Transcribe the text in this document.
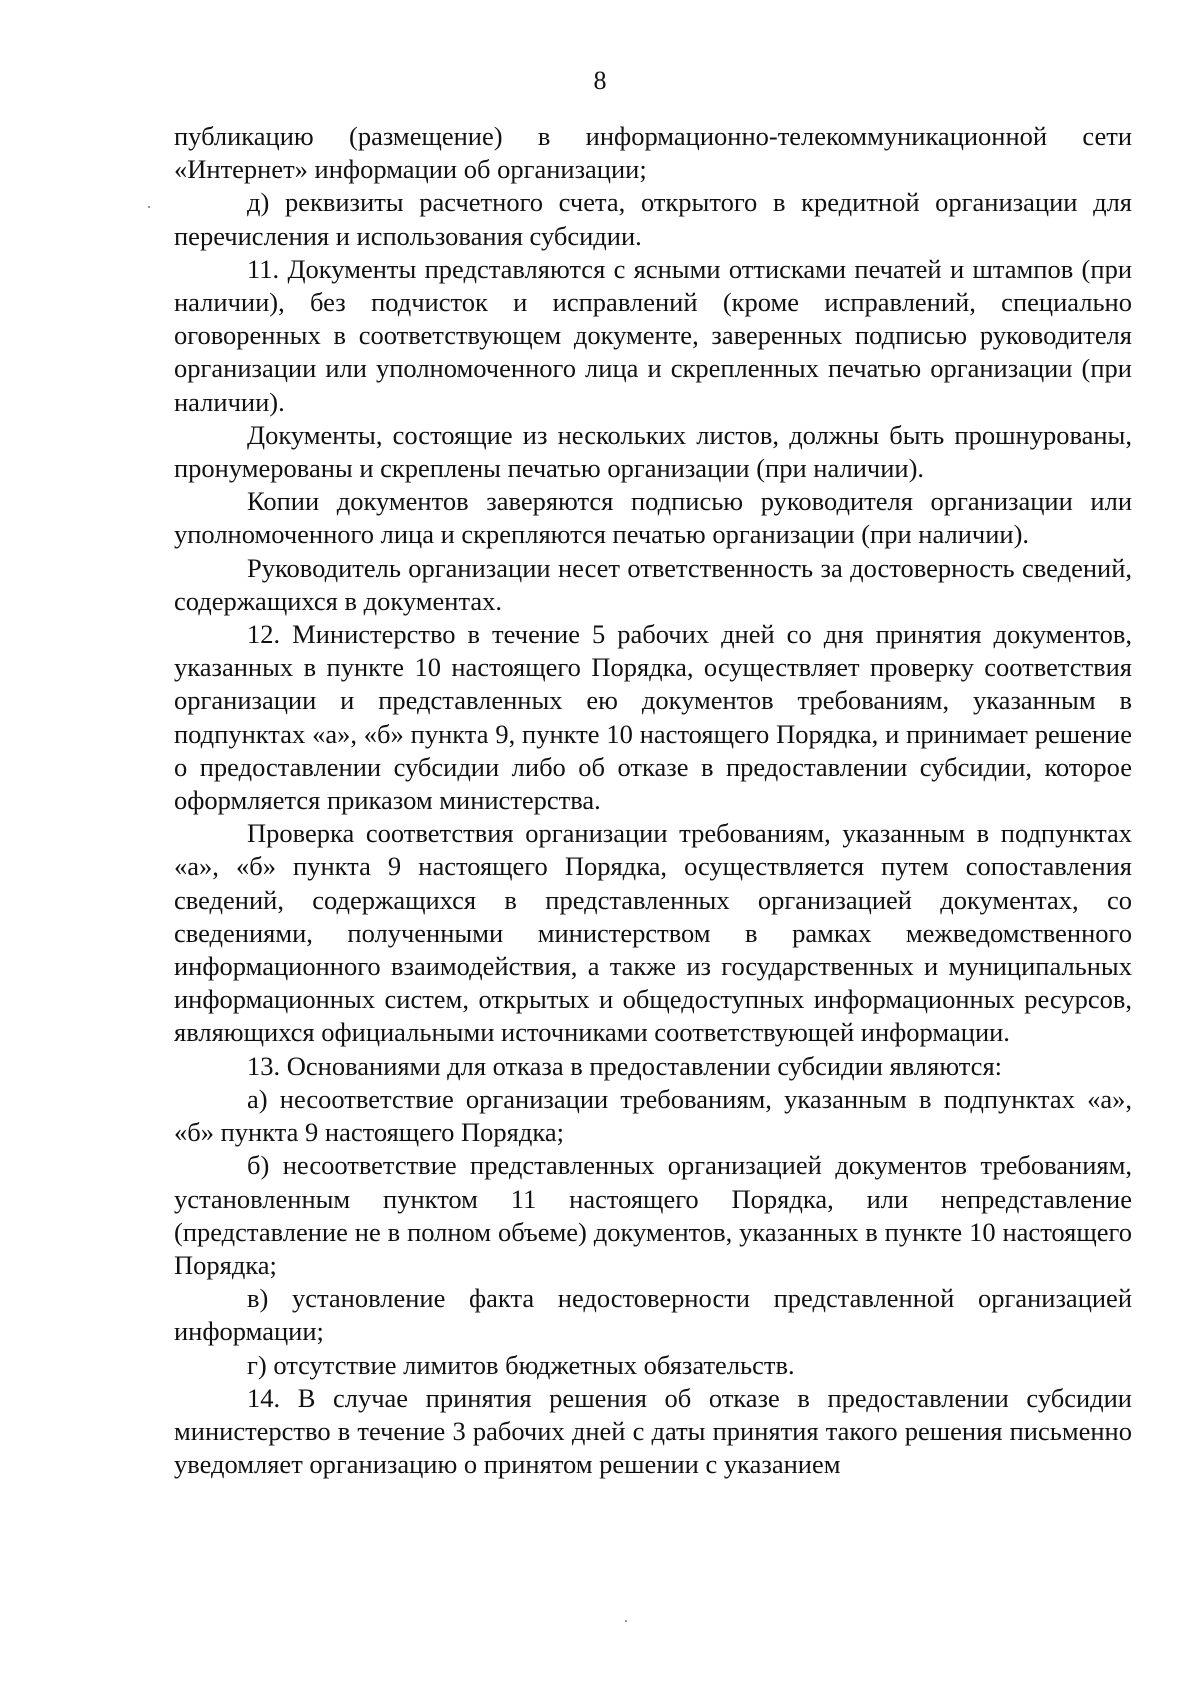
8

публикацию (размещение) в информационно-телекоммуникационной сети «Интернет» информации об организации;

д) реквизиты расчетного счета, открытого в кредитной организации для перечисления и использования субсидии.

11. Документы представляются с ясными оттисками печатей и штампов (при наличии), без подчисток и исправлений (кроме исправлений, специально оговоренных в соответствующем документе, заверенных подписью руководителя организации или уполномоченного лица и скрепленных печатью организации (при наличии).

Документы, состоящие из нескольких листов, должны быть прошнурованы, пронумерованы и скреплены печатью организации (при наличии).

Копии документов заверяются подписью руководителя организации или уполномоченного лица и скрепляются печатью организации (при наличии).

Руководитель организации несет ответственность за достоверность сведений, содержащихся в документах.

12. Министерство в течение 5 рабочих дней со дня принятия документов, указанных в пункте 10 настоящего Порядка, осуществляет проверку соответствия организации и представленных ею документов требованиям, указанным в подпунктах «а», «б» пункта 9, пункте 10 настоящего Порядка, и принимает решение о предоставлении субсидии либо об отказе в предоставлении субсидии, которое оформляется приказом министерства.

Проверка соответствия организации требованиям, указанным в подпунктах «а», «б» пункта 9 настоящего Порядка, осуществляется путем сопоставления сведений, содержащихся в представленных организацией документах, со сведениями, полученными министерством в рамках межведомственного информационного взаимодействия, а также из государственных и муниципальных информационных систем, открытых и общедоступных информационных ресурсов, являющихся официальными источниками соответствующей информации.

13. Основаниями для отказа в предоставлении субсидии являются:

а) несоответствие организации требованиям, указанным в подпунктах «а», «б» пункта 9 настоящего Порядка;

б) несоответствие представленных организацией документов требованиям, установленным пунктом 11 настоящего Порядка, или непредставление (представление не в полном объеме) документов, указанных в пункте 10 настоящего Порядка;

в) установление факта недостоверности представленной организацией информации;

г) отсутствие лимитов бюджетных обязательств.

14. В случае принятия решения об отказе в предоставлении субсидии министерство в течение 3 рабочих дней с даты принятия такого решения письменно уведомляет организацию о принятом решении с указанием
